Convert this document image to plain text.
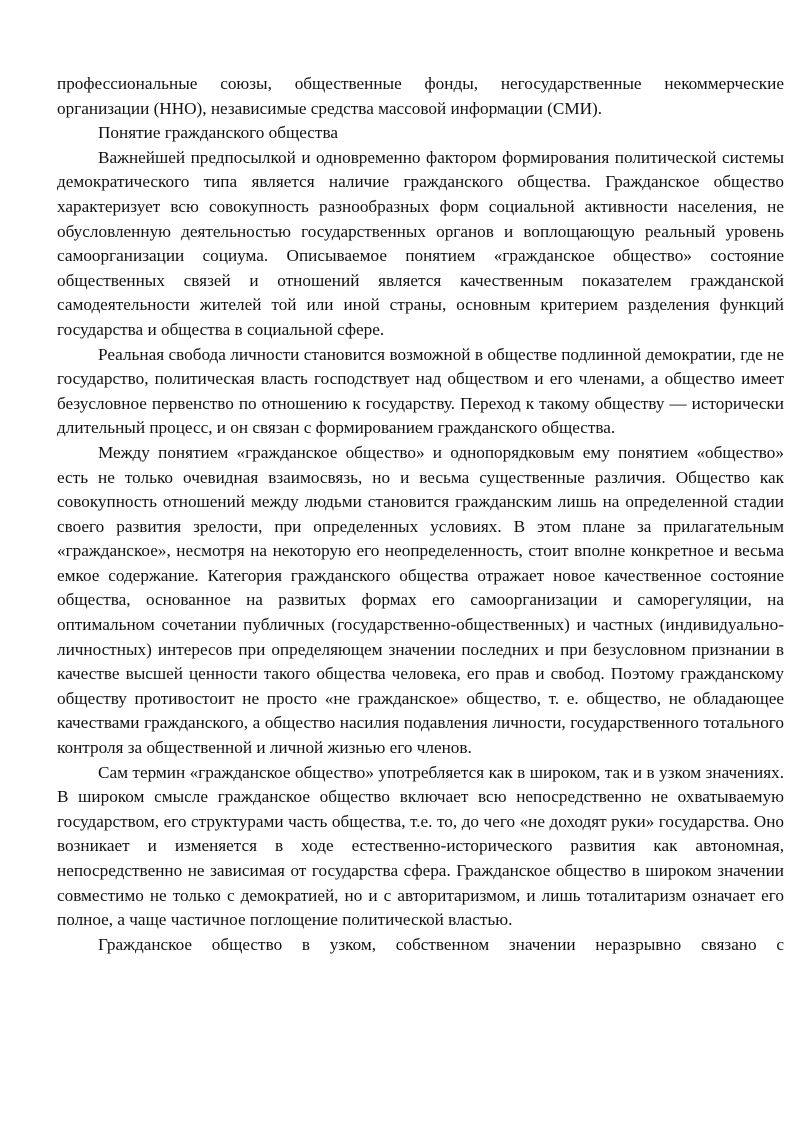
профессиональные союзы, общественные фонды, негосударственные некоммерческие организации (ННО), независимые средства массовой информации (СМИ).

Понятие гражданского общества

Важнейшей предпосылкой и одновременно фактором формирования политической системы демократического типа является наличие гражданского общества. Гражданское общество характеризует всю совокупность разнообразных форм социальной активности населения, не обусловленную деятельностью государственных органов и воплощающую реальный уровень самоорганизации социума. Описываемое понятием «гражданское общество» состояние общественных связей и отношений является качественным показателем гражданской самодеятельности жителей той или иной страны, основным критерием разделения функций государства и общества в социальной сфере.

Реальная свобода личности становится возможной в обществе подлинной демократии, где не государство, политическая власть господствует над обществом и его членами, а общество имеет безусловное первенство по отношению к государству. Переход к такому обществу — исторически длительный процесс, и он связан с формированием гражданского общества.

Между понятием «гражданское общество» и однопорядковым ему понятием «общество» есть не только очевидная взаимосвязь, но и весьма существенные различия. Общество как совокупность отношений между людьми становится гражданским лишь на определенной стадии своего развития зрелости, при определенных условиях. В этом плане за прилагательным «гражданское», несмотря на некоторую его неопределенность, стоит вполне конкретное и весьма емкое содержание. Категория гражданского общества отражает новое качественное состояние общества, основанное на развитых формах его самоорганизации и саморегуляции, на оптимальном сочетании публичных (государственно-общественных) и частных (индивидуально-личностных) интересов при определяющем значении последних и при безусловном признании в качестве высшей ценности такого общества человека, его прав и свобод. Поэтому гражданскому обществу противостоит не просто «не гражданское» общество, т. е. общество, не обладающее качествами гражданского, а общество насилия подавления личности, государственного тотального контроля за общественной и личной жизнью его членов.

Сам термин «гражданское общество» употребляется как в широком, так и в узком значениях. В широком смысле гражданское общество включает всю непосредственно не охватываемую государством, его структурами часть общества, т.е. то, до чего «не доходят руки» государства. Оно возникает и изменяется в ходе естественно-исторического развития как автономная, непосредственно не зависимая от государства сфера. Гражданское общество в широком значении совместимо не только с демократией, но и с авторитаризмом, и лишь тоталитаризм означает его полное, а чаще частичное поглощение политической властью.

Гражданское общество в узком, собственном значении неразрывно связано с
